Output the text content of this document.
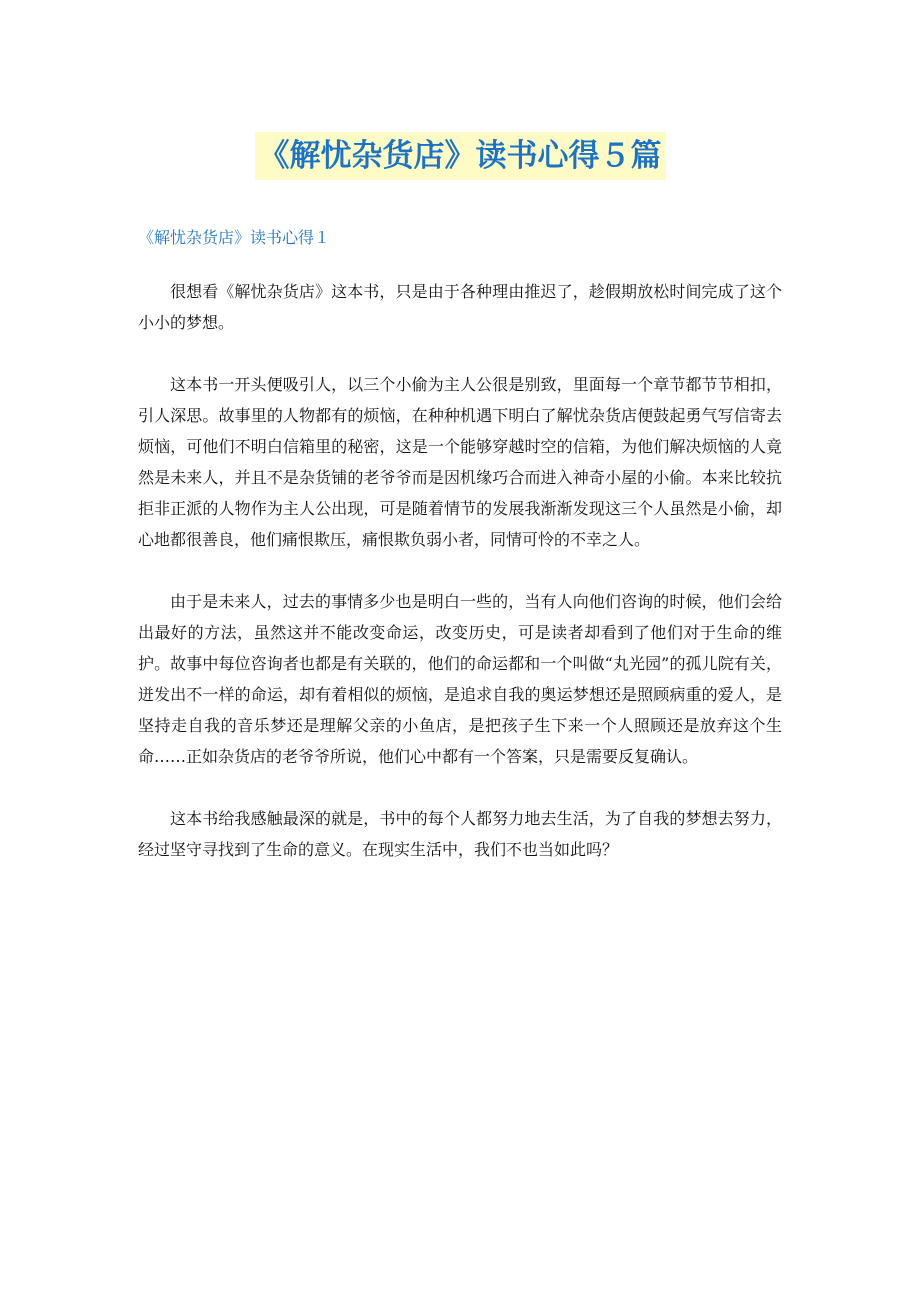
《解忧杂货店》读书心得５篇
《解忧杂货店》读书心得１

很想看《解忧杂货店》这本书，只是由于各种理由推迟了，趁假期放松时间完成了这个小小的梦想。

这本书一开头便吸引人，以三个小偷为主人公很是别致，里面每一个章节都节节相扣，引人深思。故事里的人物都有的烦恼，在种种机遇下明白了解忧杂货店便鼓起勇气写信寄去烦恼，可他们不明白信箱里的秘密，这是一个能够穿越时空的信箱，为他们解决烦恼的人竟然是未来人，并且不是杂货铺的老爷爷而是因机缘巧合而进入神奇小屋的小偷。本来比较抗拒非正派的人物作为主人公出现，可是随着情节的发展我渐渐发现这三个人虽然是小偷，却心地都很善良，他们痛恨欺压，痛恨欺负弱小者，同情可怜的不幸之人。

由于是未来人，过去的事情多少也是明白一些的，当有人向他们咨询的时候，他们会给出最好的方法，虽然这并不能改变命运，改变历史，可是读者却看到了他们对于生命的维护。故事中每位咨询者也都是有关联的，他们的命运都和一个叫做“丸光园”的孤儿院有关，迸发出不一样的命运，却有着相似的烦恼，是追求自我的奥运梦想还是照顾病重的爱人，是坚持走自我的音乐梦还是理解父亲的小鱼店，是把孩子生下来一个人照顾还是放弃这个生命……正如杂货店的老爷爷所说，他们心中都有一个答案，只是需要反复确认。

这本书给我感触最深的就是，书中的每个人都努力地去生活，为了自我的梦想去努力，经过坚守寻找到了生命的意义。在现实生活中，我们不也当如此吗？
